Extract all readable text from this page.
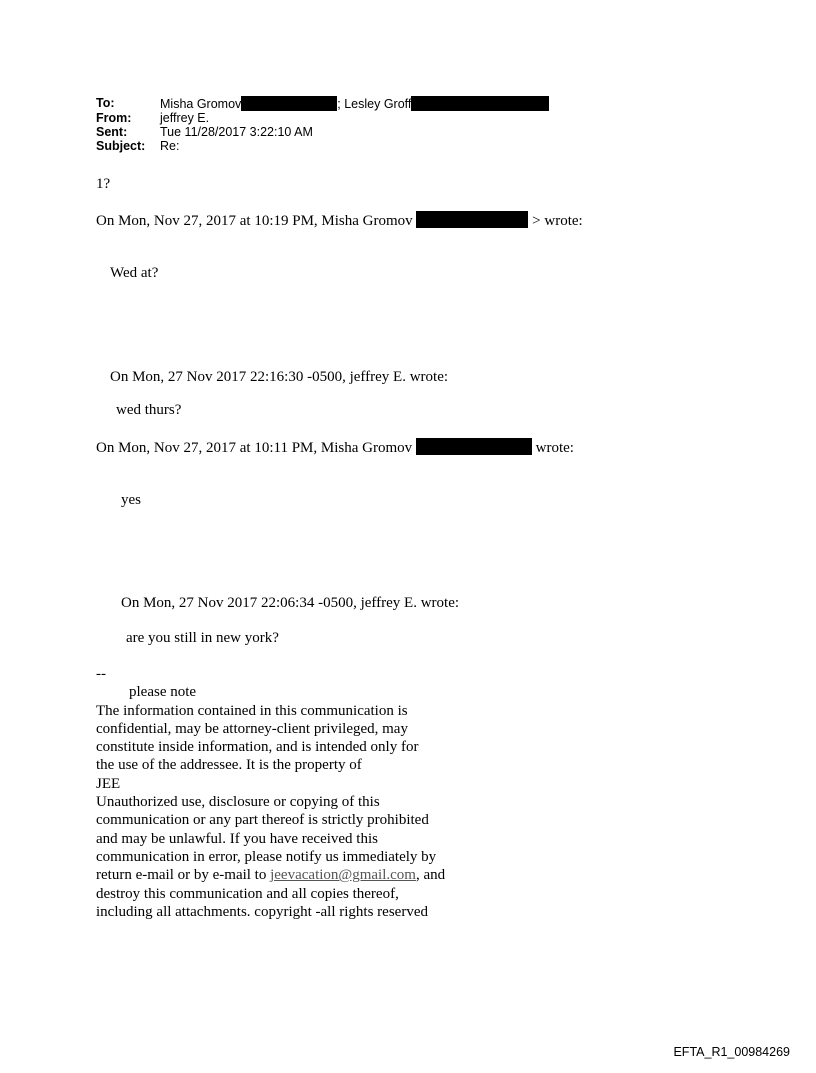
To:	Misha Gromov	; Lesley Groff
From:	jeffrey E.
Sent:	Tue 11/28/2017 3:22:10 AM
Subject:	Re:
1?
On Mon, Nov 27, 2017 at 10:19 PM, Misha Gromov	> wrote:
Wed at?
On Mon, 27 Nov 2017 22:16:30 -0500, jeffrey E. wrote:
wed thurs?
On Mon, Nov 27, 2017 at 10:11 PM, Misha Gromov	wrote:
yes
On Mon, 27 Nov 2017 22:06:34 -0500, jeffrey E. wrote:
are you still in new york?
--
please note
The information contained in this communication is
confidential, may be attorney-client privileged, may
constitute inside information, and is intended only for
the use of the addressee. It is the property of
JEE
Unauthorized use, disclosure or copying of this
communication or any part thereof is strictly prohibited
and may be unlawful. If you have received this
communication in error, please notify us immediately by
return e-mail or by e-mail to jeevacation@gmail.com, and
destroy this communication and all copies thereof,
including all attachments. copyright -all rights reserved
EFTA_R1_00984269
